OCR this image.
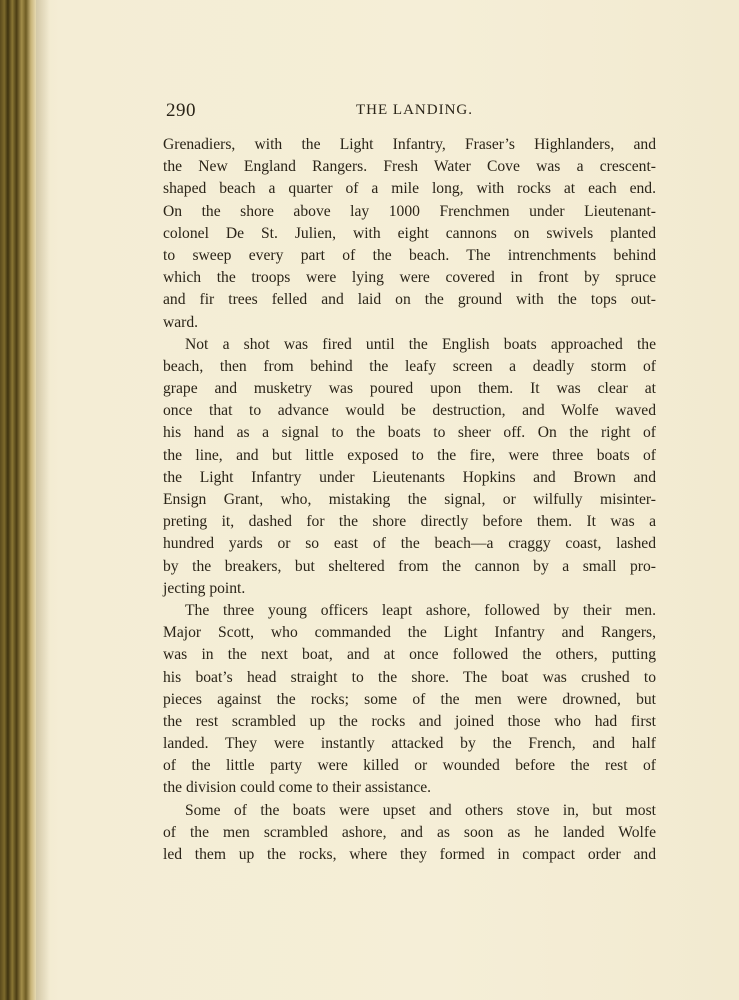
290	THE LANDING.

Grenadiers, with the Light Infantry, Fraser’s Highlanders, and
the New England Rangers. Fresh Water Cove was a crescent-
shaped beach a quarter of a mile long, with rocks at each end.
On the shore above lay 1000 Frenchmen under Lieutenant-
colonel De St. Julien, with eight cannons on swivels planted
to sweep every part of the beach. The intrenchments behind
which the troops were lying were covered in front by spruce
and fir trees felled and laid on the ground with the tops out-
ward.

Not a shot was fired until the English boats approached the
beach, then from behind the leafy screen a deadly storm of
grape and musketry was poured upon them. It was clear at
once that to advance would be destruction, and Wolfe waved
his hand as a signal to the boats to sheer off. On the right of
the line, and but little exposed to the fire, were three boats of
the Light Infantry under Lieutenants Hopkins and Brown and
Ensign Grant, who, mistaking the signal, or wilfully misinter-
preting it, dashed for the shore directly before them. It was a
hundred yards or so east of the beach—a craggy coast, lashed
by the breakers, but sheltered from the cannon by a small pro-
jecting point.

The three young officers leapt ashore, followed by their men.
Major Scott, who commanded the Light Infantry and Rangers,
was in the next boat, and at once followed the others, putting
his boat’s head straight to the shore. The boat was crushed to
pieces against the rocks; some of the men were drowned, but
the rest scrambled up the rocks and joined those who had first
landed. They were instantly attacked by the French, and half
of the little party were killed or wounded before the rest of
the division could come to their assistance.

Some of the boats were upset and others stove in, but most
of the men scrambled ashore, and as soon as he landed Wolfe
led them up the rocks, where they formed in compact order and
